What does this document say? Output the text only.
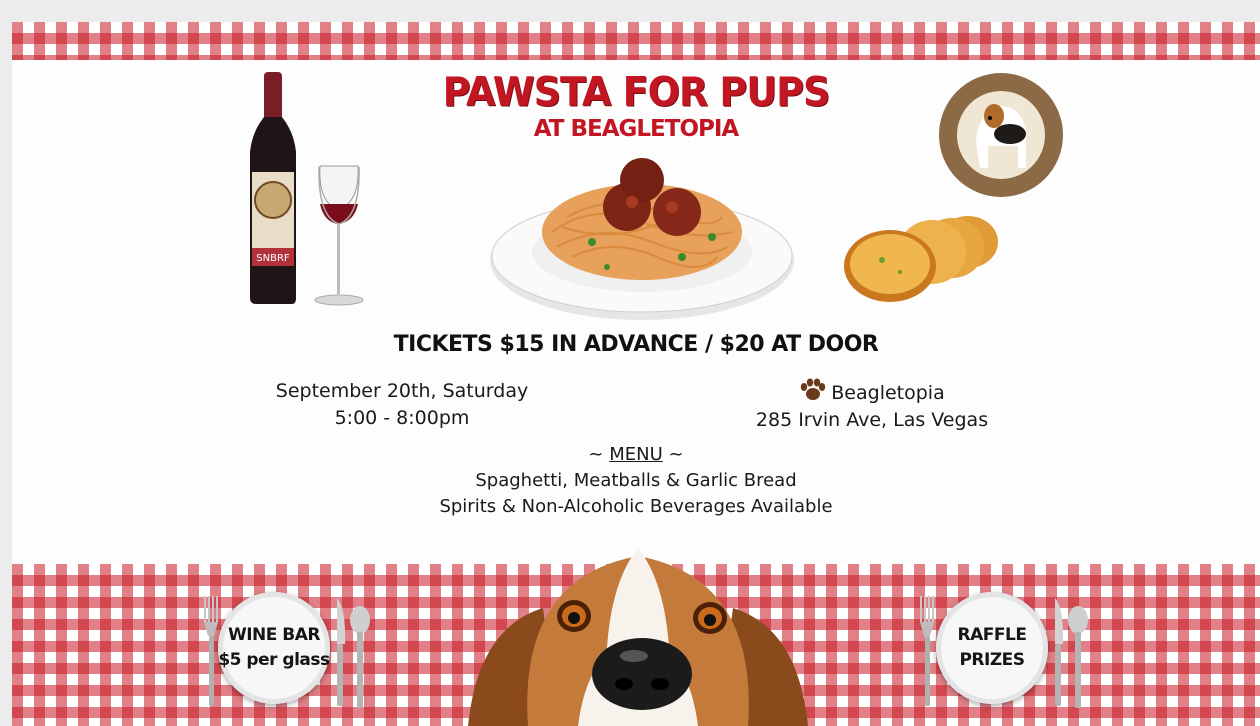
SNBRF
PAWSTA FOR PUPS
AT BEAGLETOPIA
TICKETS $15 IN ADVANCE / $20 AT DOOR
September 20th, Saturday
5:00 - 8:00pm
Beagletopia
285 Irvin Ave, Las Vegas
~ MENU ~
Spaghetti, Meatballs & Garlic Bread
Spirits & Non-Alcoholic Beverages Available
WINE BAR
$5 per glass
RAFFLE
PRIZES
